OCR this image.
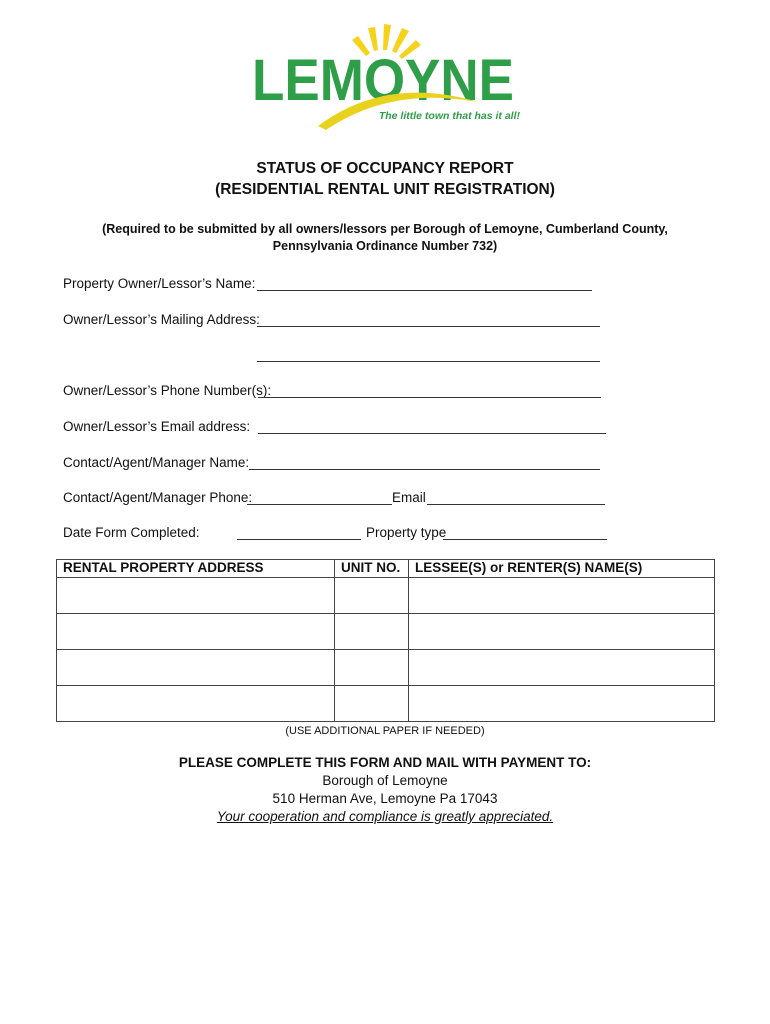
LEMOYNE
The little town that has it all!
STATUS OF OCCUPANCY REPORT
(RESIDENTIAL RENTAL UNIT REGISTRATION)
(Required to be submitted by all owners/lessors per Borough of Lemoyne, Cumberland County,
Pennsylvania Ordinance Number 732)
Property Owner/Lessor’s Name:
Owner/Lessor’s Mailing Address:
Owner/Lessor’s Phone Number(s):
Owner/Lessor’s Email address:
Contact/Agent/Manager Name:
Contact/Agent/Manager Phone:	Email
Date Form Completed:	Property type
RENTAL PROPERTY ADDRESS	UNIT NO.	LESSEE(S) or RENTER(S) NAME(S)

(USE ADDITIONAL PAPER IF NEEDED)
PLEASE COMPLETE THIS FORM AND MAIL WITH PAYMENT TO:
Borough of Lemoyne
510 Herman Ave, Lemoyne Pa 17043
Your cooperation and compliance is greatly appreciated.
